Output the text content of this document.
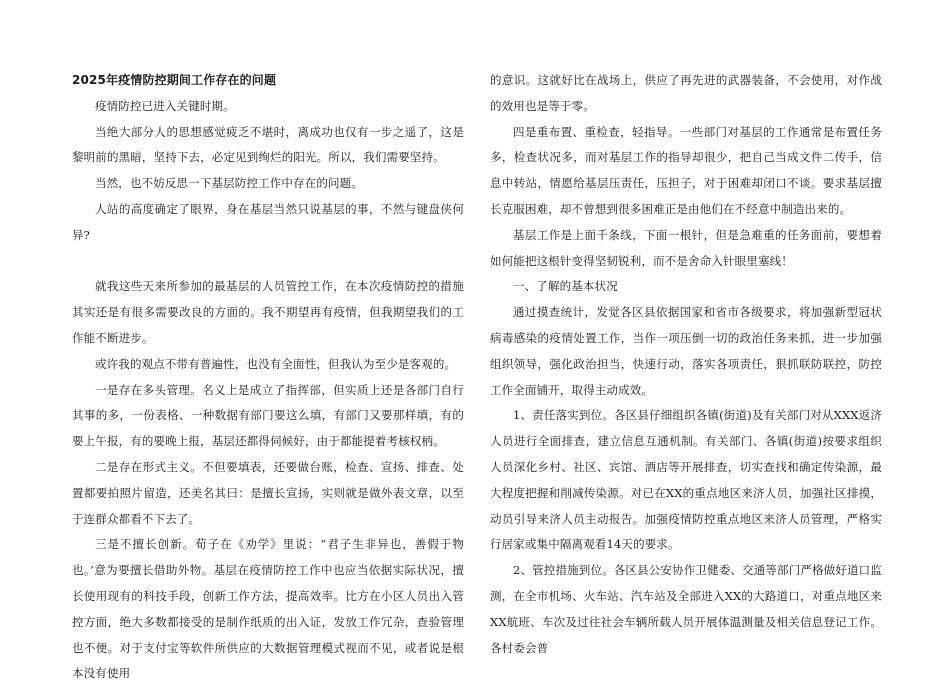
2025年疫情防控期间工作存在的问题

疫情防控已进入关键时期。

当绝大部分人的思想感觉疲乏不堪时，离成功也仅有一步之遥了，这是黎明前的黑暗，坚持下去，必定见到绚烂的阳光。所以，我们需要坚持。

当然，也不妨反思一下基层防控工作中存在的问题。

人站的高度确定了眼界，身在基层当然只说基层的事，不然与键盘侠何异?

就我这些天来所参加的最基层的人员管控工作，在本次疫情防控的措施其实还是有很多需要改良的方面的。我不期望再有疫情，但我期望我们的工作能不断进步。

或许我的观点不带有普遍性，也没有全面性，但我认为至少是客观的。

一是存在多头管理。名义上是成立了指挥部，但实质上还是各部门自行其事的多，一份表格、一种数据有部门要这么填，有部门又要那样填，有的要上午报，有的要晚上报，基层还都得伺候好，由于都能提着考核权柄。

二是存在形式主义。不但要填表，还要做台账，检查、宣扬、排查、处置都要拍照片留造，还美名其曰：是擅长宣扬，实则就是做外表文章，以至于连群众都看不下去了。

三是不擅长创新。荀子在《劝学》里说：“君子生非异也，善假于物也。’意为要擅长借助外物。基层在疫情防控工作中也应当依据实际状况，擅长使用现有的科技手段，创新工作方法，提高效率。比方在小区人员出入管控方面，绝大多数都接受的是制作纸质的出入证，发放工作冗杂，查验管理也不便。对于支付宝等软件所供应的大数据管理模式视而不见，或者说是根本没有使用

的意识。这就好比在战场上，供应了再先进的武器装备，不会使用，对作战的效用也是等于零。

四是重布置、重检查，轻指导。一些部门对基层的工作通常是布置任务多，检查状况多，而对基层工作的指导却很少，把自己当成文件二传手，信息中转站，情愿给基层压责任，压担子，对于困难却闭口不谈。要求基层擅长克服困难，却不曾想到很多困难正是由他们在不经意中制造出来的。

基层工作是上面千条线，下面一根针，但是急难重的任务面前，要想着如何能把这根针变得坚韧锐利，而不是舍命入针眼里塞线！

一、了解的基本状况

通过摸查统计，发觉各区县依据国家和省市各级要求，将加强新型冠状病毒感染的疫情处置工作，当作一项压倒一切的政治任务来抓，进一步加强组织领导，强化政治担当，快速行动，落实各项责任，狠抓联防联控，防控工作全面铺开，取得主动成效。

1、责任落实到位。各区县仔细组织各镇(街道)及有关部门对从XXX返济人员进行全面排查，建立信息互通机制。有关部门、各镇(街道)按要求组织人员深化乡村、社区、宾馆、酒店等开展排查，切实查找和确定传染源，最大程度把握和削减传染源。对已在XX的重点地区来济人员，加强社区排摸，动员引导来济人员主动报告。加强疫情防控重点地区来济人员管理，严格实行居家或集中隔离观看14天的要求。

2、管控措施到位。各区县公安协作卫健委、交通等部门严格做好道口监测，在全市机场、火车站、汽车站及全部进入XX的大路道口，对重点地区来XX航班、车次及过往社会车辆所载人员开展体温测量及相关信息登记工作。各村委会普
